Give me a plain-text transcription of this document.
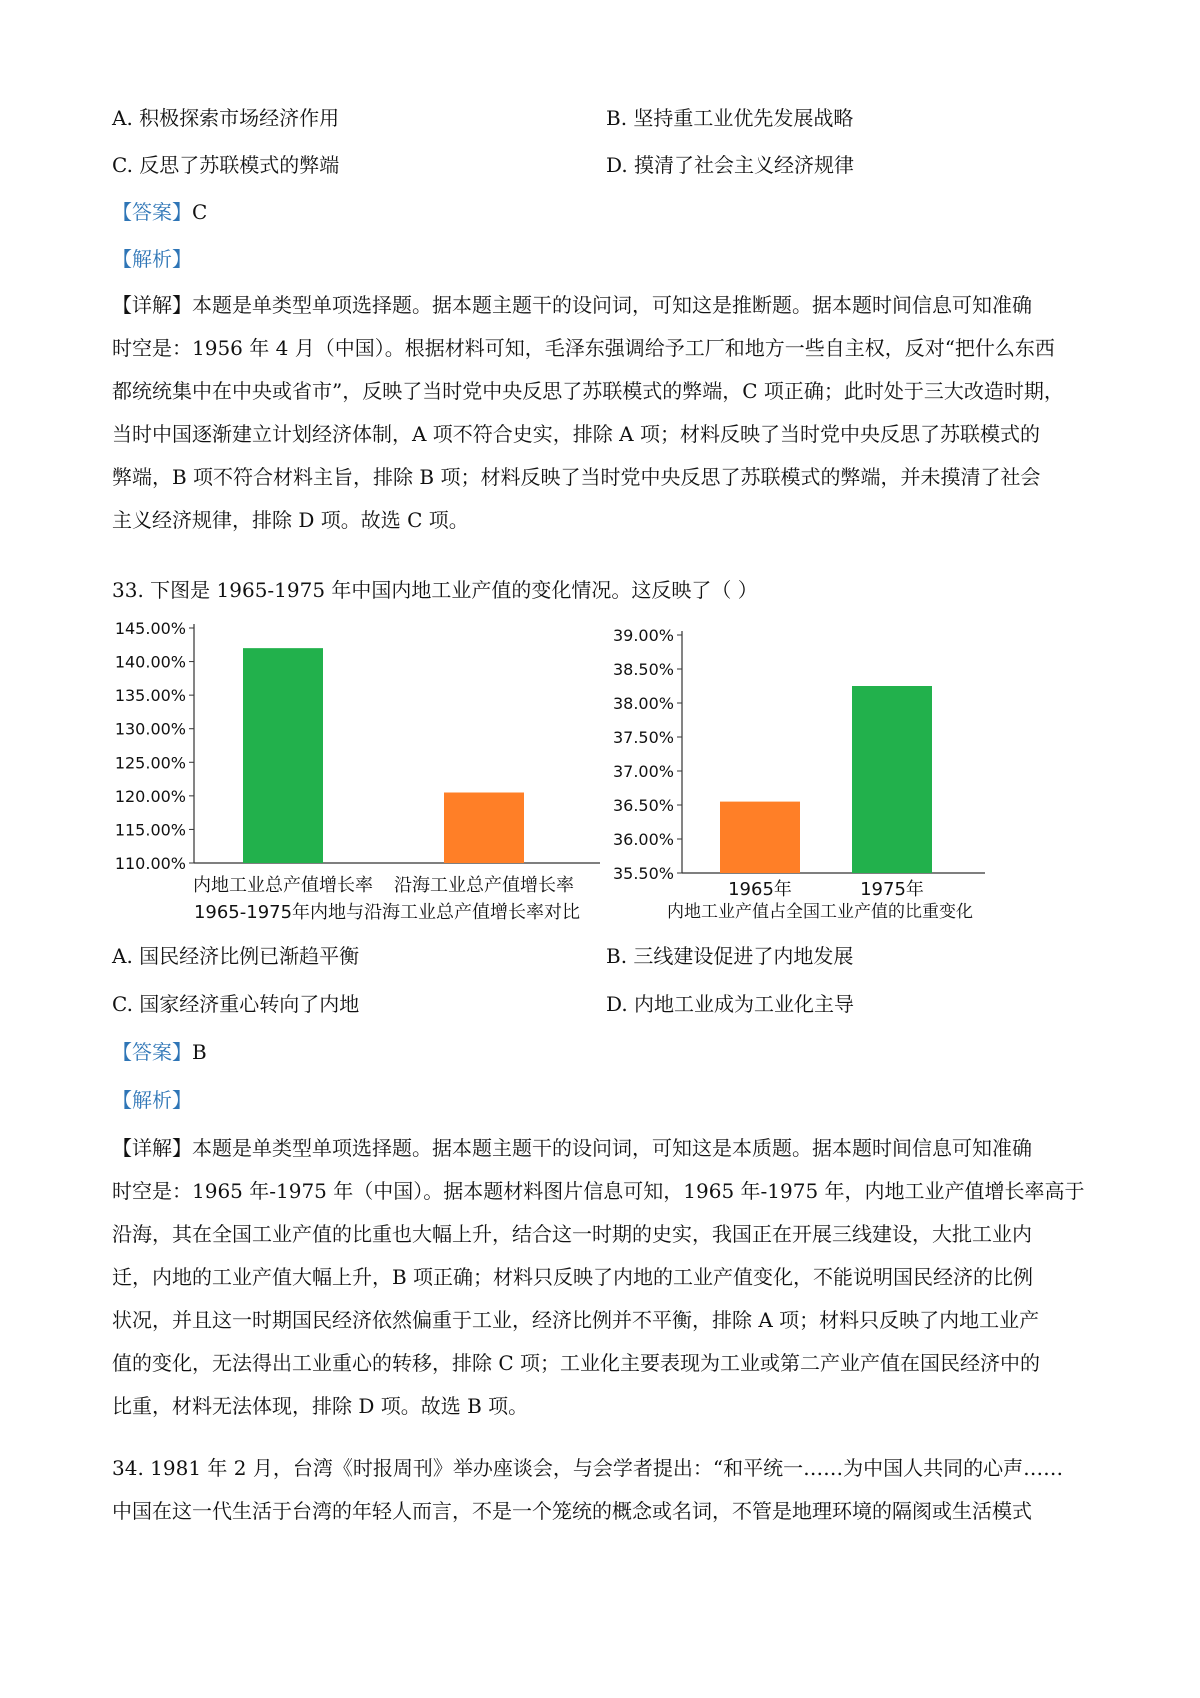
A. 积极探索市场经济作用	B. 坚持重工业优先发展战略
C. 反思了苏联模式的弊端	D. 摸清了社会主义经济规律
【答案】C
【解析】
【详解】本题是单类型单项选择题。据本题主题干的设问词，可知这是推断题。据本题时间信息可知准确
时空是：1956 年 4 月（中国）。根据材料可知，毛泽东强调给予工厂和地方一些自主权，反对“把什么东西
都统统集中在中央或省市”，反映了当时党中央反思了苏联模式的弊端，C 项正确；此时处于三大改造时期，
当时中国逐渐建立计划经济体制，A 项不符合史实，排除 A 项；材料反映了当时党中央反思了苏联模式的
弊端，B 项不符合材料主旨，排除 B 项；材料反映了当时党中央反思了苏联模式的弊端，并未摸清了社会
主义经济规律，排除 D 项。故选 C 项。
33. 下图是 1965-1975 年中国内地工业产值的变化情况。这反映了（ ）
110.00%
115.00%
120.00%
125.00%
130.00%
135.00%
140.00%
145.00%
内地工业总产值增长率 沿海工业总产值增长率
1965-1975年内地与沿海工业总产值增长率对比
35.50%
36.00%
36.50%
37.00%
37.50%
38.00%
38.50%
39.00%
1965年	1975年
内地工业产值占全国工业产值的比重变化
A. 国民经济比例已渐趋平衡	B. 三线建设促进了内地发展
C. 国家经济重心转向了内地	D. 内地工业成为工业化主导
【答案】B
【解析】
【详解】本题是单类型单项选择题。据本题主题干的设问词，可知这是本质题。据本题时间信息可知准确
时空是：1965 年-1975 年（中国）。据本题材料图片信息可知，1965 年-1975 年，内地工业产值增长率高于
沿海，其在全国工业产值的比重也大幅上升，结合这一时期的史实，我国正在开展三线建设，大批工业内
迁，内地的工业产值大幅上升，B 项正确；材料只反映了内地的工业产值变化，不能说明国民经济的比例
状况，并且这一时期国民经济依然偏重于工业，经济比例并不平衡，排除 A 项；材料只反映了内地工业产
值的变化，无法得出工业重心的转移，排除 C 项；工业化主要表现为工业或第二产业产值在国民经济中的
比重，材料无法体现，排除 D 项。故选 B 项。
34. 1981 年 2 月，台湾《时报周刊》举办座谈会，与会学者提出：“和平统一……为中国人共同的心声……
中国在这一代生活于台湾的年轻人而言，不是一个笼统的概念或名词，不管是地理环境的隔阂或生活模式
